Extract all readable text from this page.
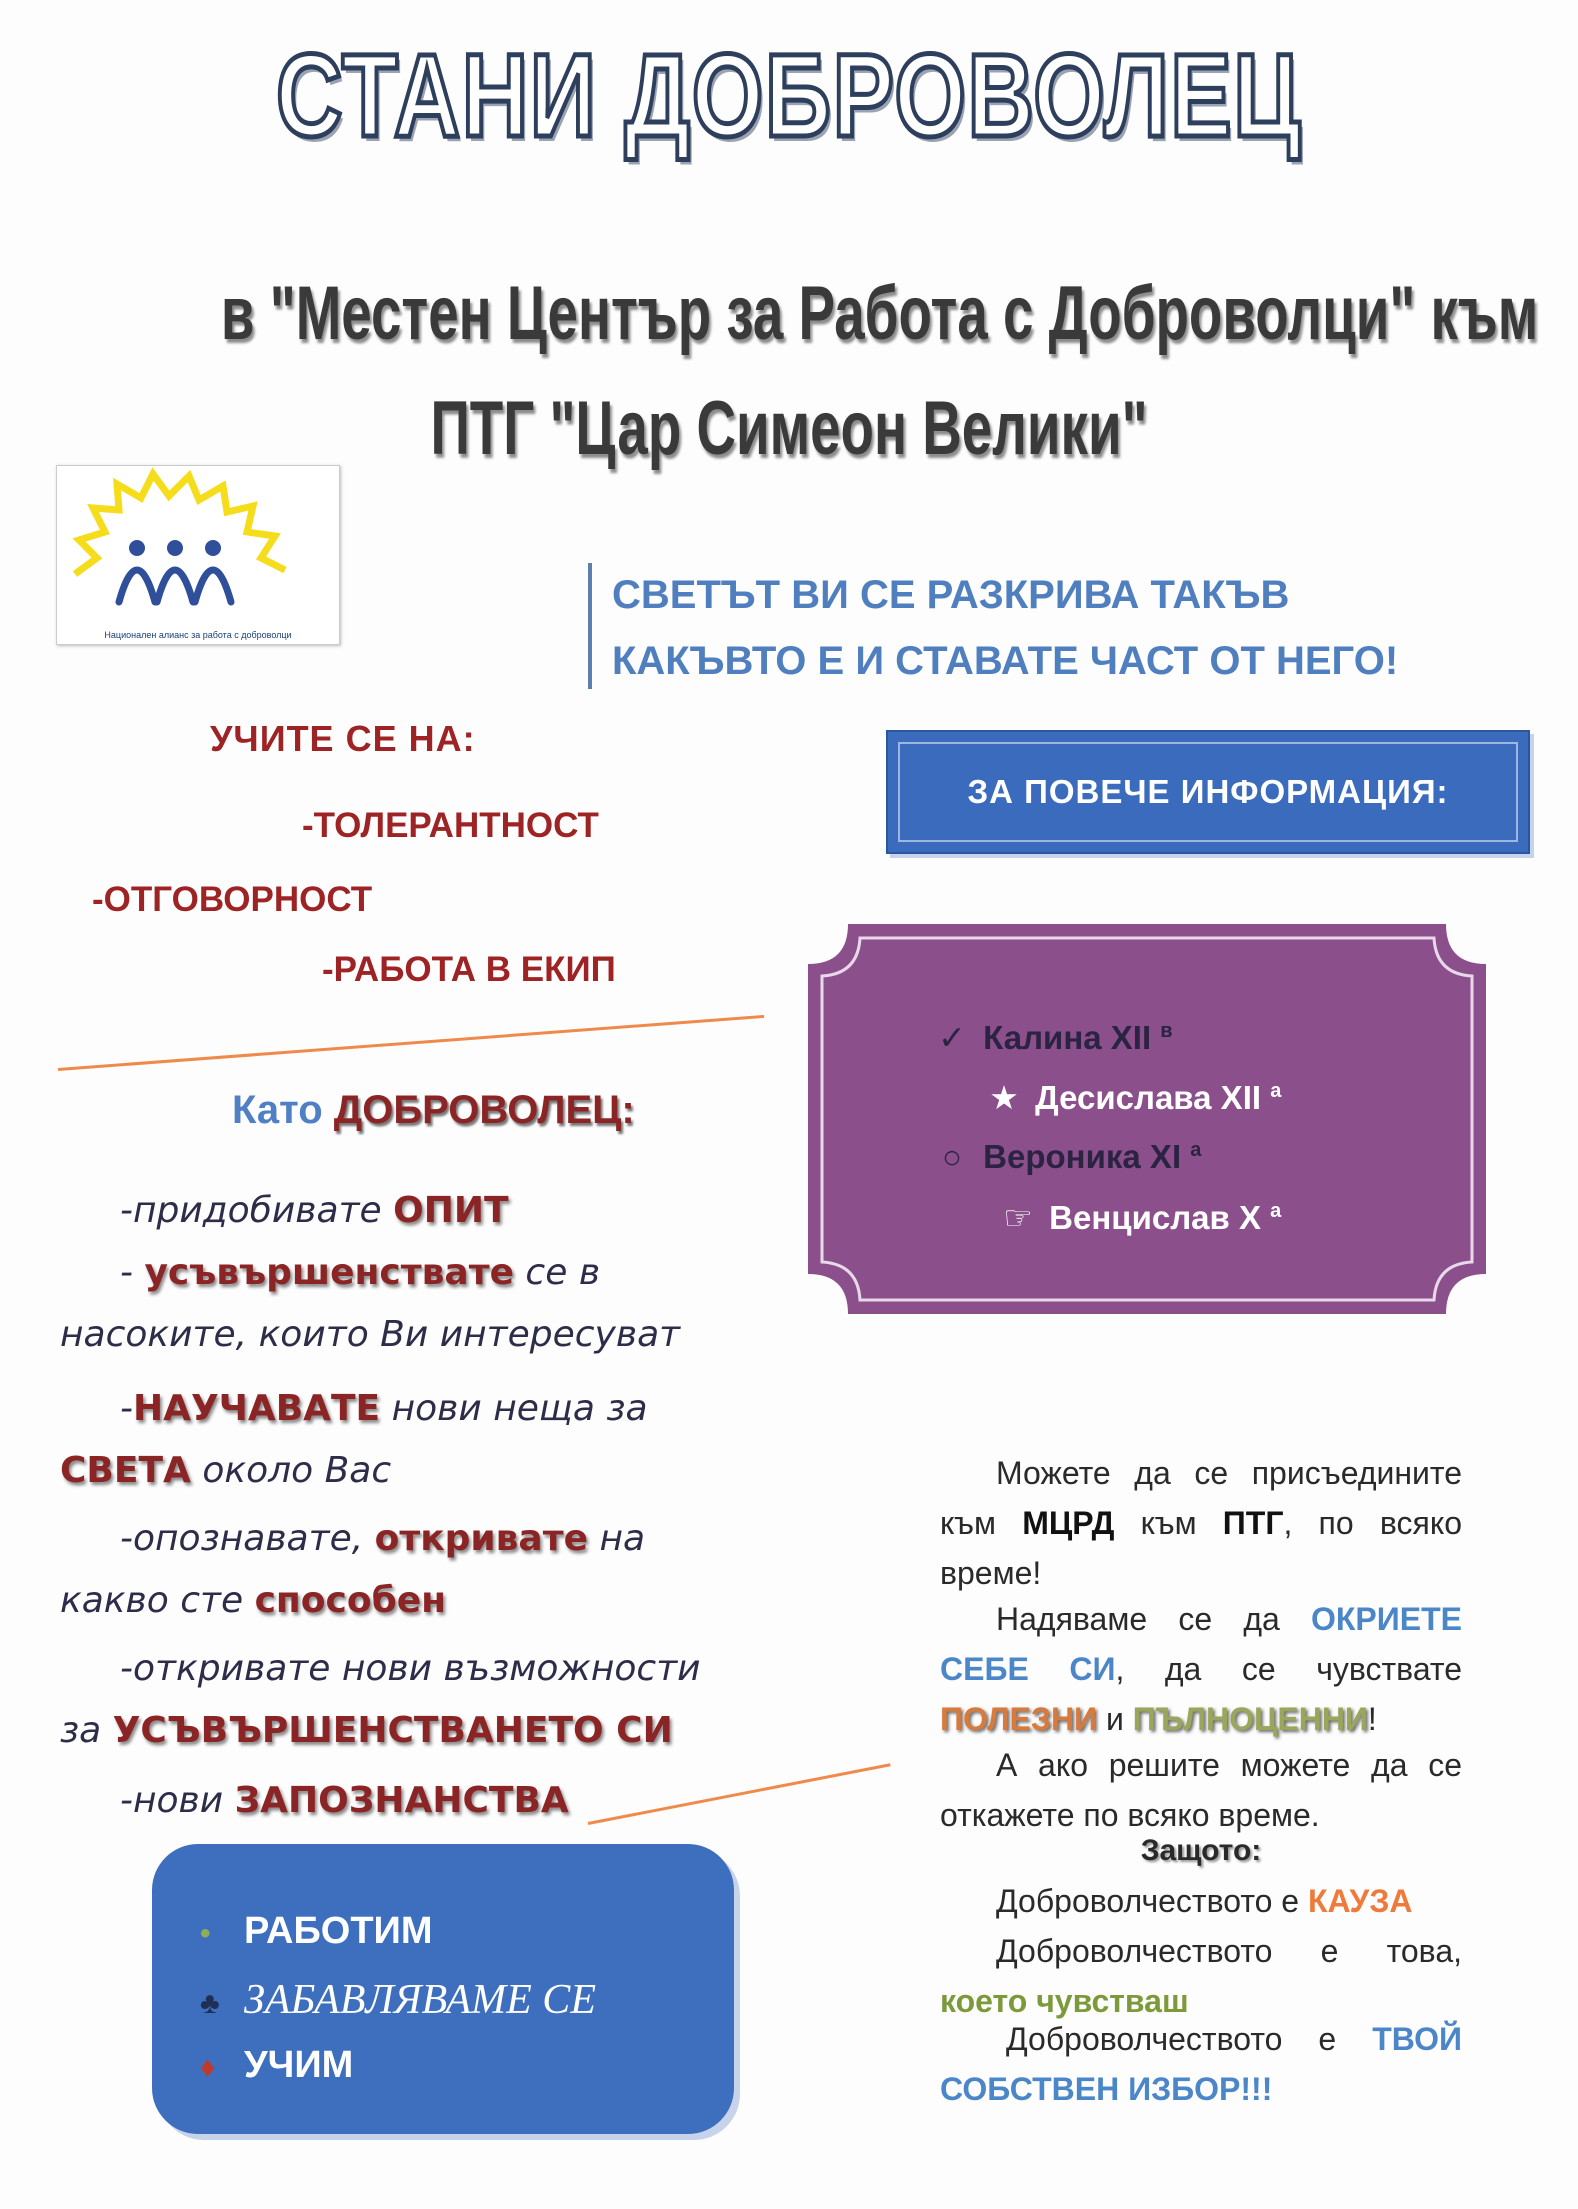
СТАНИ ДОБРОВОЛЕЦ
в "Местен Център за Работа с Доброволци" към
ПТГ "Цар Симеон Велики"
Национален алианс за работа с доброволци
СВЕТЪТ ВИ СЕ РАЗКРИВА ТАКЪВ
КАКЪВТО Е И СТАВАТЕ ЧАСТ ОТ НЕГО!
УЧИТЕ СЕ НА:
-ТОЛЕРАНТНОСТ
-ОТГОВОРНОСТ
-РАБОТА В ЕКИП
ЗА ПОВЕЧЕ ИНФОРМАЦИЯ:
✓ Калина XII $^в$
★ Десислава XII $^а$
○ Вероника XI $^а$
☞ Венцислав X $^а$
Като ДОБРОВОЛЕЦ:
-придобивате ОПИТ
- усъвършенствате се в
насоките, които Ви интересуват
-НАУЧАВАТЕ нови неща за
СВЕТА около Вас
-опознавате, откривате на
какво сте способен
-откривате нови възможности
за УСЪВЪРШЕНСТВАНЕТО СИ
-нови ЗАПОЗНАНСТВА
• РАБОТИМ
♣ ЗАБАВЛЯВАМЕ СЕ
♦ УЧИМ
Можете да се присъедините към МЦРД към ПТГ, по всяко време!
Надяваме се да ОКРИЕТЕ СЕБЕ СИ, да се чувствате ПОЛЕЗНИ и ПЪЛНОЦЕННИ!
А ако решите можете да се откажете по всяко време.
Защото:
Доброволчеството е КАУЗА
Доброволчеството е това, което чувстваш
Доброволчеството е ТВОЙ СОБСТВЕН ИЗБОР!!!
